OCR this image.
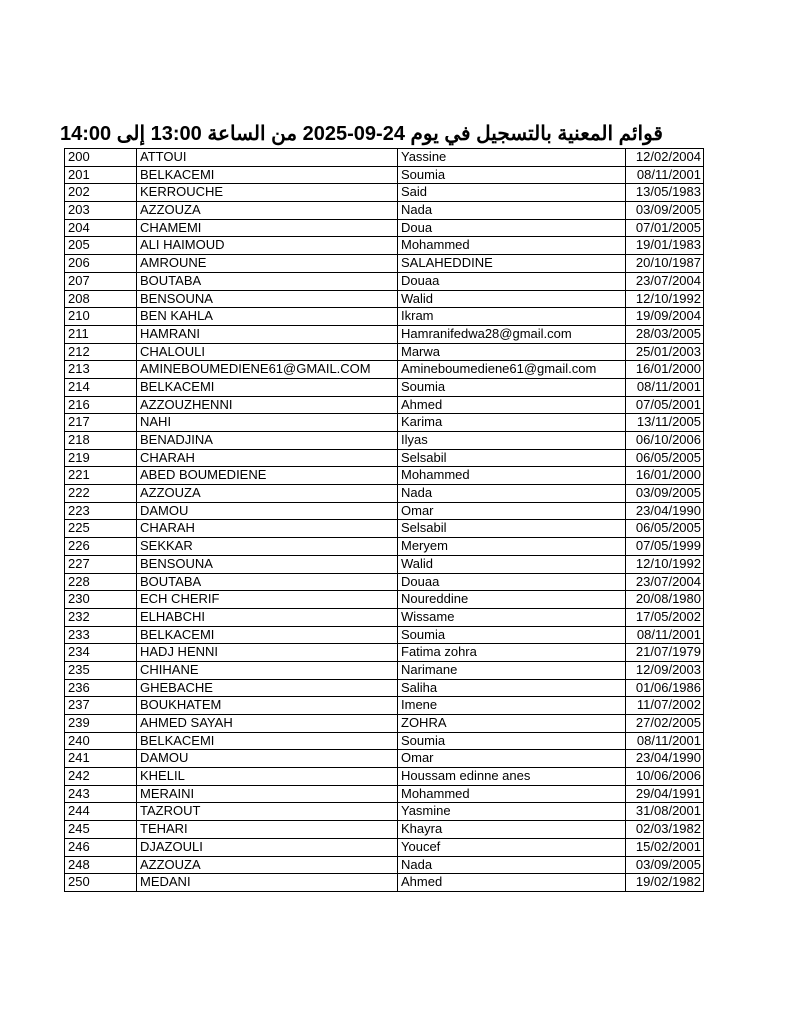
14:00 إلى 13:00 من الساعة 2025-09-24 قوائم المعنية بالتسجيل في يوم
200	ATTOUI	Yassine	12/02/2004
201	BELKACEMI	Soumia	08/11/2001
202	KERROUCHE	Said	13/05/1983
203	AZZOUZA	Nada	03/09/2005
204	CHAMEMI	Doua	07/01/2005
205	ALI HAIMOUD	Mohammed	19/01/1983
206	AMROUNE	SALAHEDDINE	20/10/1987
207	BOUTABA	Douaa	23/07/2004
208	BENSOUNA	Walid	12/10/1992
210	BEN KAHLA	Ikram	19/09/2004
211	HAMRANI	Hamranifedwa28@gmail.com	28/03/2005
212	CHALOULI	Marwa	25/01/2003
213	AMINEBOUMEDIENE61@GMAIL.COM	Amineboumediene61@gmail.com	16/01/2000
214	BELKACEMI	Soumia	08/11/2001
216	AZZOUZHENNI	Ahmed	07/05/2001
217	NAHI	Karima	13/11/2005
218	BENADJINA	Ilyas	06/10/2006
219	CHARAH	Selsabil	06/05/2005
221	ABED BOUMEDIENE	Mohammed	16/01/2000
222	AZZOUZA	Nada	03/09/2005
223	DAMOU	Omar	23/04/1990
225	CHARAH	Selsabil	06/05/2005
226	SEKKAR	Meryem	07/05/1999
227	BENSOUNA	Walid	12/10/1992
228	BOUTABA	Douaa	23/07/2004
230	ECH CHERIF	Noureddine	20/08/1980
232	ELHABCHI	Wissame	17/05/2002
233	BELKACEMI	Soumia	08/11/2001
234	HADJ HENNI	Fatima zohra	21/07/1979
235	CHIHANE	Narimane	12/09/2003
236	GHEBACHE	Saliha	01/06/1986
237	BOUKHATEM	Imene	11/07/2002
239	AHMED SAYAH	ZOHRA	27/02/2005
240	BELKACEMI	Soumia	08/11/2001
241	DAMOU	Omar	23/04/1990
242	KHELIL	Houssam edinne anes	10/06/2006
243	MERAINI	Mohammed	29/04/1991
244	TAZROUT	Yasmine	31/08/2001
245	TEHARI	Khayra	02/03/1982
246	DJAZOULI	Youcef	15/02/2001
248	AZZOUZA	Nada	03/09/2005
250	MEDANI	Ahmed	19/02/1982
